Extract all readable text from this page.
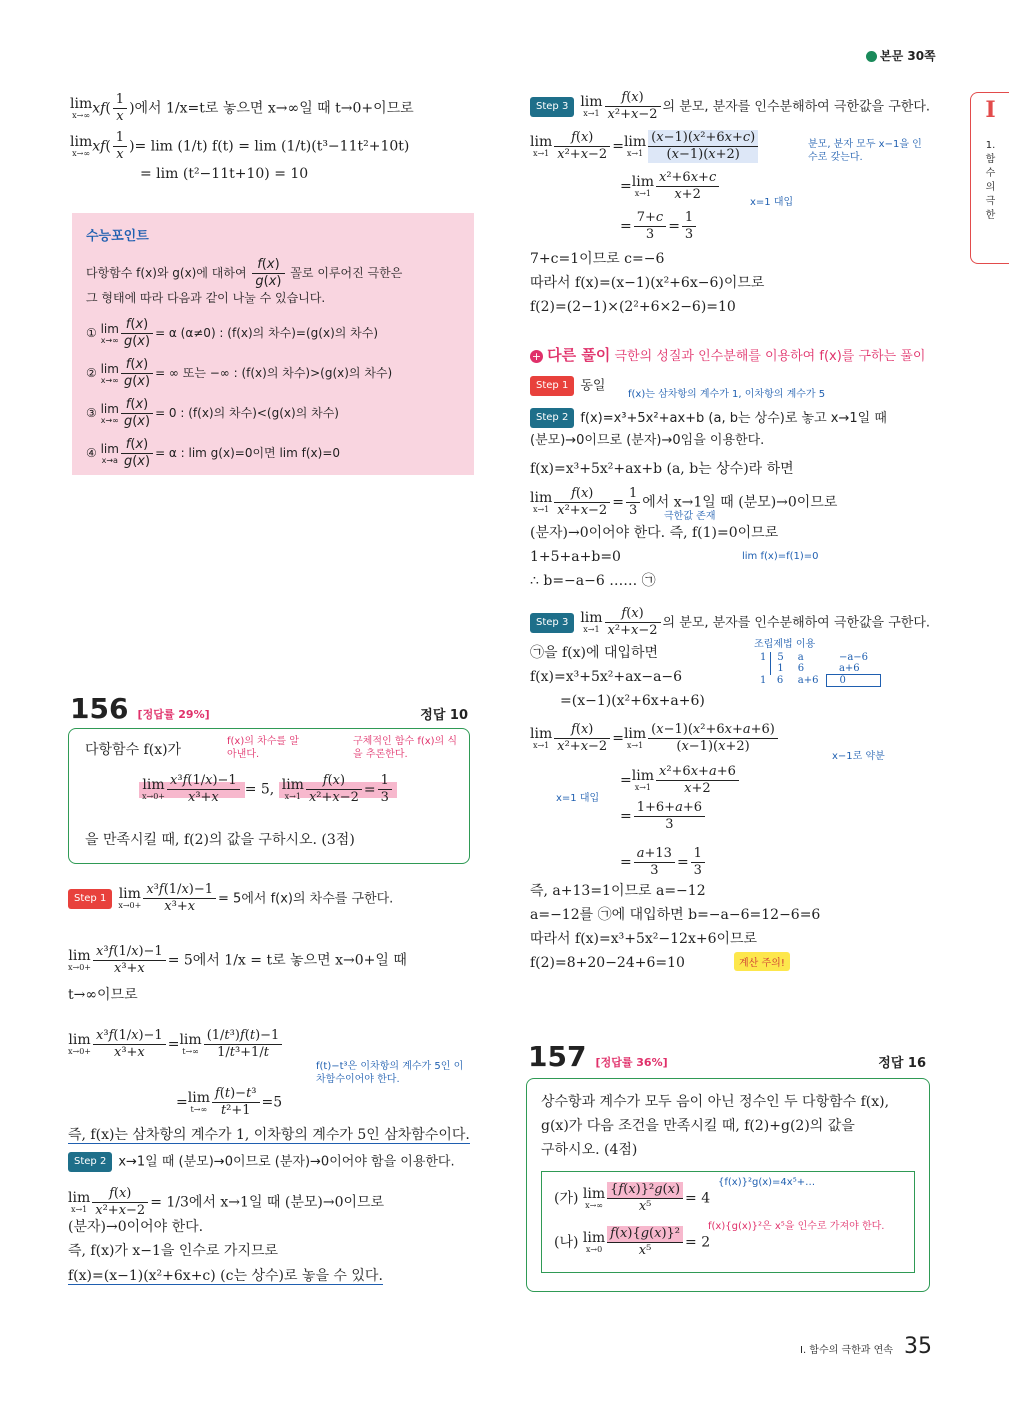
본문 30쪽
I
1. 함수의 극한
lim
x→∞ $xf( \frac{1}{x}$ )에서 1/x=t로 놓으면 x→∞일 때 t→0+이므로
lim
x→∞ $xf( \frac{1}{x}$ )= lim (1/t) f(t) = lim (1/t)(t³−11t²+10t)
= lim (t²−11t+10) = 10
수능포인트
다항함수 f(x)와 g(x)에 대하여 $\frac{f(x)}{g(x)}$ 꼴로 이루어진 극한은
그 형태에 따라 다음과 같이 나눌 수 있습니다.
① lim
$x\to\infty \frac{f(x)}{g(x)} = \alpha$ (α≠0) : (f(x)의 차수)=(g(x)의 차수)
② lim
$x\to\infty \frac{f(x)}{g(x)}$ = ∞ 또는 −∞ : (f(x)의 차수)>(g(x)의 차수)
③ lim
$x\to\infty \frac{f(x)}{g(x)} = 0$ : (f(x)의 차수)<(g(x)의 차수)
④ lim
$x\to a \frac{f(x)}{g(x)} = \alpha$ : lim g(x)=0이면 lim f(x)=0
156 [정답률 29%]	정답 10
다항함수 f(x)가
f(x)의 차수를 알아낸다.
구체적인 함수 f(x)의 식을 추론한다.
lim
$x\to 0+ \frac{\text{x³f(1/x)−1}}{\text{x³+x}} = 5$, lim
$x\to 1 \frac{f(x)}{\text{x²+x−2}} = \frac{1}{3}$
을 만족시킬 때, f(2)의 값을 구하시오. (3점)
Step 1 lim
$x\to 0+ \frac{\text{x³f(1/x)−1}}{\text{x³+x}} = 5$에서 f(x)의 차수를 구한다.
lim
$x\to 0+ \frac{\text{x³f(1/x)−1}}{\text{x³+x}} = 5$에서 1/x = t로 놓으면 x→0+일 때
t→∞이므로
lim
$x\to 0+ \frac{\text{x³f(1/x)−1}}{\text{x³+x}} = \lim$
$t\to\infty \frac{\text{(1/t³)f(t)−1}}{\text{1/t³+1/t}}$
f(t)−t³은 이차항의 계수가 5인 이차함수이어야 한다.
= lim
$t\to\infty \frac{\text{f(t)−t³}}{\text{t²+1}} =5$
즉, f(x)는 삼차항의 계수가 1, 이차항의 계수가 5인 삼차함수이다.
Step 2 x→1일 때 (분모)→0이므로 (분자)→0이어야 함을 이용한다.
lim
$x\to 1 \frac{f(x)}{\text{x²+x−2}} = 1/3$에서 x→1일 때 (분모)→0이므로
(분자)→0이어야 한다.
즉, f(x)가 x−1을 인수로 가지므로
f(x)=(x−1)(x²+6x+c) (c는 상수)로 놓을 수 있다.
Step 3 lim
$x\to 1 \frac{f(x)}{\text{x²+x−2}}$ 의 분모, 분자를 인수분해하여 극한값을 구한다.
lim
$x\to 1 \frac{f(x)}{\text{x²+x−2}} = \lim$
$x\to 1 \frac{\text{(x−1)(x²+6x+c)}}{(x-1)(x+2)}$	분모, 분자 모두 x−1을 인수로 갖는다.
= lim
$x\to 1 \frac{\text{x²+6x+c}}{x+2}$	x=1 대입
= $\frac{7+c}{3} = \frac{1}{3}$
7+c=1이므로 c=−6
따라서 f(x)=(x−1)(x²+6x−6)이므로
f(2)=(2−1)×(2²+6×2−6)=10
+ 다른 풀이 극한의 성질과 인수분해를 이용하여 f(x)를 구하는 풀이
Step 1 동일
f(x)는 삼차항의 계수가 1, 이차항의 계수가 5
Step 2 f(x)=x³+5x²+ax+b (a, b는 상수)로 놓고 x→1일 때
(분모)→0이므로 (분자)→0임을 이용한다.
f(x)=x³+5x²+ax+b (a, b는 상수)라 하면
lim
$x\to 1 \frac{f(x)}{\text{x²+x−2}} = \frac{1}{3}$ 에서 x→1일 때 (분모)→0이므로
극한값 존재
(분자)→0이어야 한다. 즉, f(1)=0이므로
1+5+a+b=0	lim f(x)=f(1)=0
∴ b=−a−6 …… ㉠
Step 3 lim
$x\to 1 \frac{f(x)}{\text{x²+x−2}}$ 의 분모, 분자를 인수분해하여 극한값을 구한다.
㉠을 f(x)에 대입하면
조립제법 이용
1	5	a	−a−6
	1	6	a+6
1	6	a+6	0
f(x)=x³+5x²+ax−a−6
=(x−1)(x²+6x+a+6)
lim
$x\to 1 \frac{f(x)}{\text{x²+x−2}} = \lim$
$x\to 1 \frac{\text{(x−1)(x²+6x+a+6)}}{(x-1)(x+2)}$
x−1로 약분
= lim
$x\to 1 \frac{\text{x²+6x+a+6}}{x+2}$
x=1 대입
= $\frac{1+6+a+6}{3}$
= $\frac{a+13}{3} = \frac{1}{3}$
즉, a+13=1이므로 a=−12
a=−12를 ㉠에 대입하면 b=−a−6=12−6=6
따라서 f(x)=x³+5x²−12x+6이므로
f(2)=8+20−24+6=10	계산 주의!
157 [정답률 36%]	정답 16
상수항과 계수가 모두 음이 아닌 정수인 두 다항함수 f(x),
g(x)가 다음 조건을 만족시킬 때, f(2)+g(2)의 값을
구하시오. (4점)
(가) lim
$x\to\infty \frac{\text{\{f(x)\}²g(x)}}{\text{x⁵}} = 4$
{f(x)}²g(x)=4x⁵+…
(나) lim
$x\to 0 \frac{\text{f(x)\{g(x)\}²}}{\text{x⁵}} = 2$
f(x){g(x)}²은 x⁵을 인수로 가져야 한다.
I. 함수의 극한과 연속 35
